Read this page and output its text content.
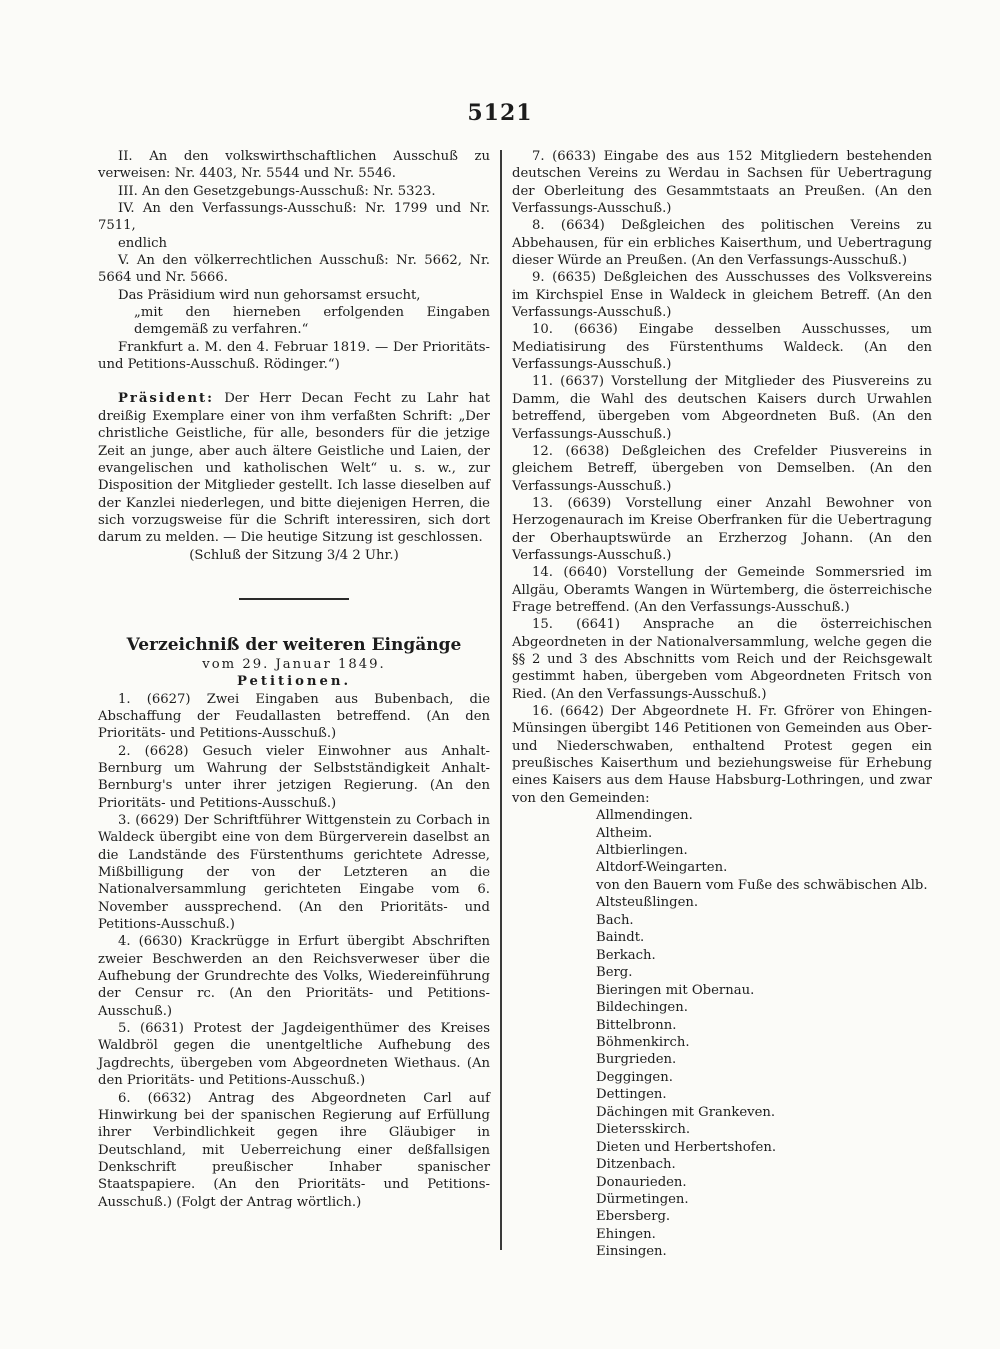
5121

II. An den volkswirthschaftlichen Ausschuß zu verweisen: Nr. 4403, Nr. 5544 und Nr. 5546.

III. An den Gesetzgebungs-Ausschuß: Nr. 5323.

IV. An den Verfassungs-Ausschuß: Nr. 1799 und Nr. 7511,

endlich

V. An den völkerrechtlichen Ausschuß: Nr. 5662, Nr. 5664 und Nr. 5666.

Das Präsidium wird nun gehorsamst ersucht,

„mit den hierneben erfolgenden Eingaben demgemäß zu verfahren.“

Frankfurt a. M. den 4. Februar 1819. — Der Prioritäts- und Petitions-Ausschuß. Rödinger.“)

Präsident: Der Herr Decan Fecht zu Lahr hat dreißig Exemplare einer von ihm verfaßten Schrift: „Der christliche Geistliche, für alle, besonders für die jetzige Zeit an junge, aber auch ältere Geistliche und Laien, der evangelischen und katholischen Welt“ u. s. w., zur Disposition der Mitglieder gestellt. Ich lasse dieselben auf der Kanzlei niederlegen, und bitte diejenigen Herren, die sich vorzugsweise für die Schrift interessiren, sich dort darum zu melden. — Die heutige Sitzung ist geschlossen.

(Schluß der Sitzung 3/4 2 Uhr.)

Verzeichniß der weiteren Eingänge

vom 29. Januar 1849.

Petitionen.

1. (6627) Zwei Eingaben aus Bubenbach, die Abschaffung der Feudallasten betreffend. (An den Prioritäts- und Petitions-Ausschuß.)

2. (6628) Gesuch vieler Einwohner aus Anhalt-Bernburg um Wahrung der Selbstständigkeit Anhalt-Bernburg's unter ihrer jetzigen Regierung. (An den Prioritäts- und Petitions-Ausschuß.)

3. (6629) Der Schriftführer Wittgenstein zu Corbach in Waldeck übergibt eine von dem Bürgerverein daselbst an die Landstände des Fürstenthums gerichtete Adresse, Mißbilligung der von der Letzteren an die Nationalversammlung gerichteten Eingabe vom 6. November aussprechend. (An den Prioritäts- und Petitions-Ausschuß.)

4. (6630) Krackrügge in Erfurt übergibt Abschriften zweier Beschwerden an den Reichsverweser über die Aufhebung der Grundrechte des Volks, Wiedereinführung der Censur rc. (An den Prioritäts- und Petitions-Ausschuß.)

5. (6631) Protest der Jagdeigenthümer des Kreises Waldbröl gegen die unentgeltliche Aufhebung des Jagdrechts, übergeben vom Abgeordneten Wiethaus. (An den Prioritäts- und Petitions-Ausschuß.)

6. (6632) Antrag des Abgeordneten Carl auf Hinwirkung bei der spanischen Regierung auf Erfüllung ihrer Verbindlichkeit gegen ihre Gläubiger in Deutschland, mit Ueberreichung einer deßfallsigen Denkschrift preußischer Inhaber spanischer Staatspapiere. (An den Prioritäts- und Petitions-Ausschuß.) (Folgt der Antrag wörtlich.)

7. (6633) Eingabe des aus 152 Mitgliedern bestehenden deutschen Vereins zu Werdau in Sachsen für Uebertragung der Oberleitung des Gesammtstaats an Preußen. (An den Verfassungs-Ausschuß.)

8. (6634) Deßgleichen des politischen Vereins zu Abbehausen, für ein erbliches Kaiserthum, und Uebertragung dieser Würde an Preußen. (An den Verfassungs-Ausschuß.)

9. (6635) Deßgleichen des Ausschusses des Volksvereins im Kirchspiel Ense in Waldeck in gleichem Betreff. (An den Verfassungs-Ausschuß.)

10. (6636) Eingabe desselben Ausschusses, um Mediatisirung des Fürstenthums Waldeck. (An den Verfassungs-Ausschuß.)

11. (6637) Vorstellung der Mitglieder des Piusvereins zu Damm, die Wahl des deutschen Kaisers durch Urwahlen betreffend, übergeben vom Abgeordneten Buß. (An den Verfassungs-Ausschuß.)

12. (6638) Deßgleichen des Crefelder Piusvereins in gleichem Betreff, übergeben von Demselben. (An den Verfassungs-Ausschuß.)

13. (6639) Vorstellung einer Anzahl Bewohner von Herzogenaurach im Kreise Oberfranken für die Uebertragung der Oberhauptswürde an Erzherzog Johann. (An den Verfassungs-Ausschuß.)

14. (6640) Vorstellung der Gemeinde Sommersried im Allgäu, Oberamts Wangen in Würtemberg, die österreichische Frage betreffend. (An den Verfassungs-Ausschuß.)

15. (6641) Ansprache an die österreichischen Abgeordneten in der Nationalversammlung, welche gegen die §§ 2 und 3 des Abschnitts vom Reich und der Reichsgewalt gestimmt haben, übergeben vom Abgeordneten Fritsch von Ried. (An den Verfassungs-Ausschuß.)

16. (6642) Der Abgeordnete H. Fr. Gfrörer von Ehingen-Münsingen übergibt 146 Petitionen von Gemeinden aus Ober- und Niederschwaben, enthaltend Protest gegen ein preußisches Kaiserthum und beziehungsweise für Erhebung eines Kaisers aus dem Hause Habsburg-Lothringen, und zwar von den Gemeinden:

Allmendingen.

Altheim.

Altbierlingen.

Altdorf-Weingarten.

von den Bauern vom Fuße des schwäbischen Alb.

Altsteußlingen.

Bach.

Baindt.

Berkach.

Berg.

Bieringen mit Obernau.

Bildechingen.

Bittelbronn.

Böhmenkirch.

Burgrieden.

Deggingen.

Dettingen.

Dächingen mit Grankeven.

Dietersskirch.

Dieten und Herbertshofen.

Ditzenbach.

Donaurieden.

Dürmetingen.

Ebersberg.

Ehingen.

Einsingen.
